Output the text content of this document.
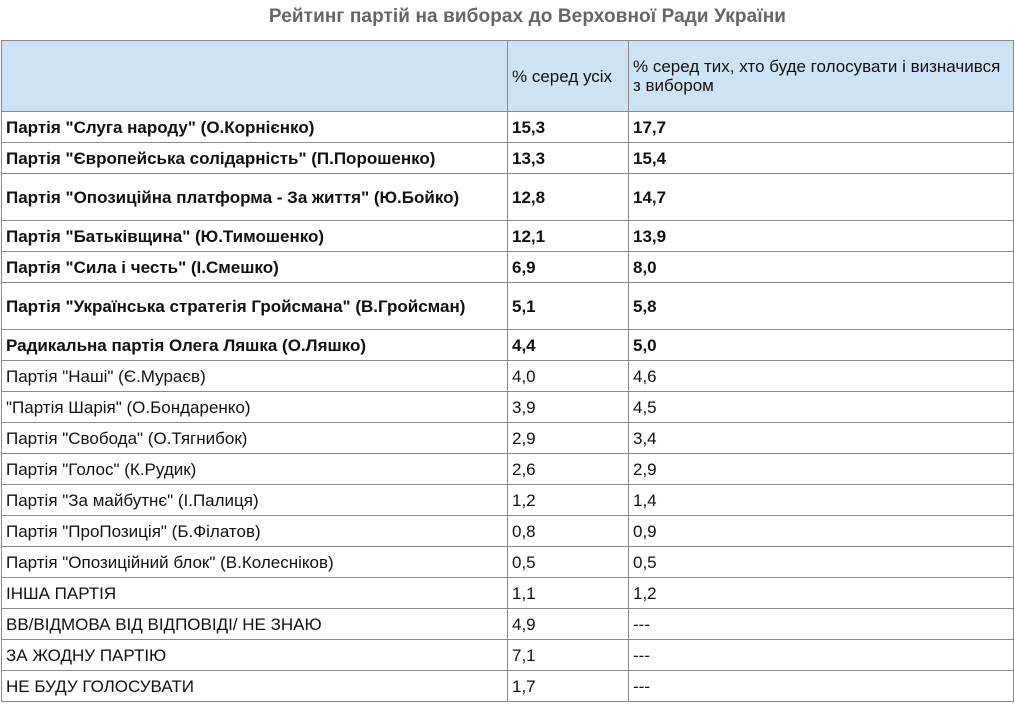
Рейтинг партій на виборах до Верховної Ради України
	% серед усіх	% серед тих, хто буде голосувати і визначився з вибором
Партія "Слуга народу" (О.Корнієнко)	15,3	17,7
Партія "Європейська солідарність" (П.Порошенко)	13,3	15,4
Партія "Опозиційна платформа - За життя" (Ю.Бойко)	12,8	14,7
Партія "Батьківщина" (Ю.Тимошенко)	12,1	13,9
Партія "Сила і честь" (І.Смешко)	6,9	8,0
Партія "Українська стратегія Гройсмана" (В.Гройсман)	5,1	5,8
Радикальна партія Олега Ляшка (О.Ляшко)	4,4	5,0
Партія "Наші" (Є.Мураєв)	4,0	4,6
"Партія Шарія" (О.Бондаренко)	3,9	4,5
Партія "Свобода" (О.Тягнибок)	2,9	3,4
Партія "Голос" (К.Рудик)	2,6	2,9
Партія "За майбутнє" (І.Палиця)	1,2	1,4
Партія "ПроПозиція" (Б.Філатов)	0,8	0,9
Партія "Опозиційний блок" (В.Колесніков)	0,5	0,5
ІНША ПАРТІЯ	1,1	1,2
ВВ/ВІДМОВА ВІД ВІДПОВІДІ/ НЕ ЗНАЮ	4,9	---
ЗА ЖОДНУ ПАРТІЮ	7,1	---
НЕ БУДУ ГОЛОСУВАТИ	1,7	---
